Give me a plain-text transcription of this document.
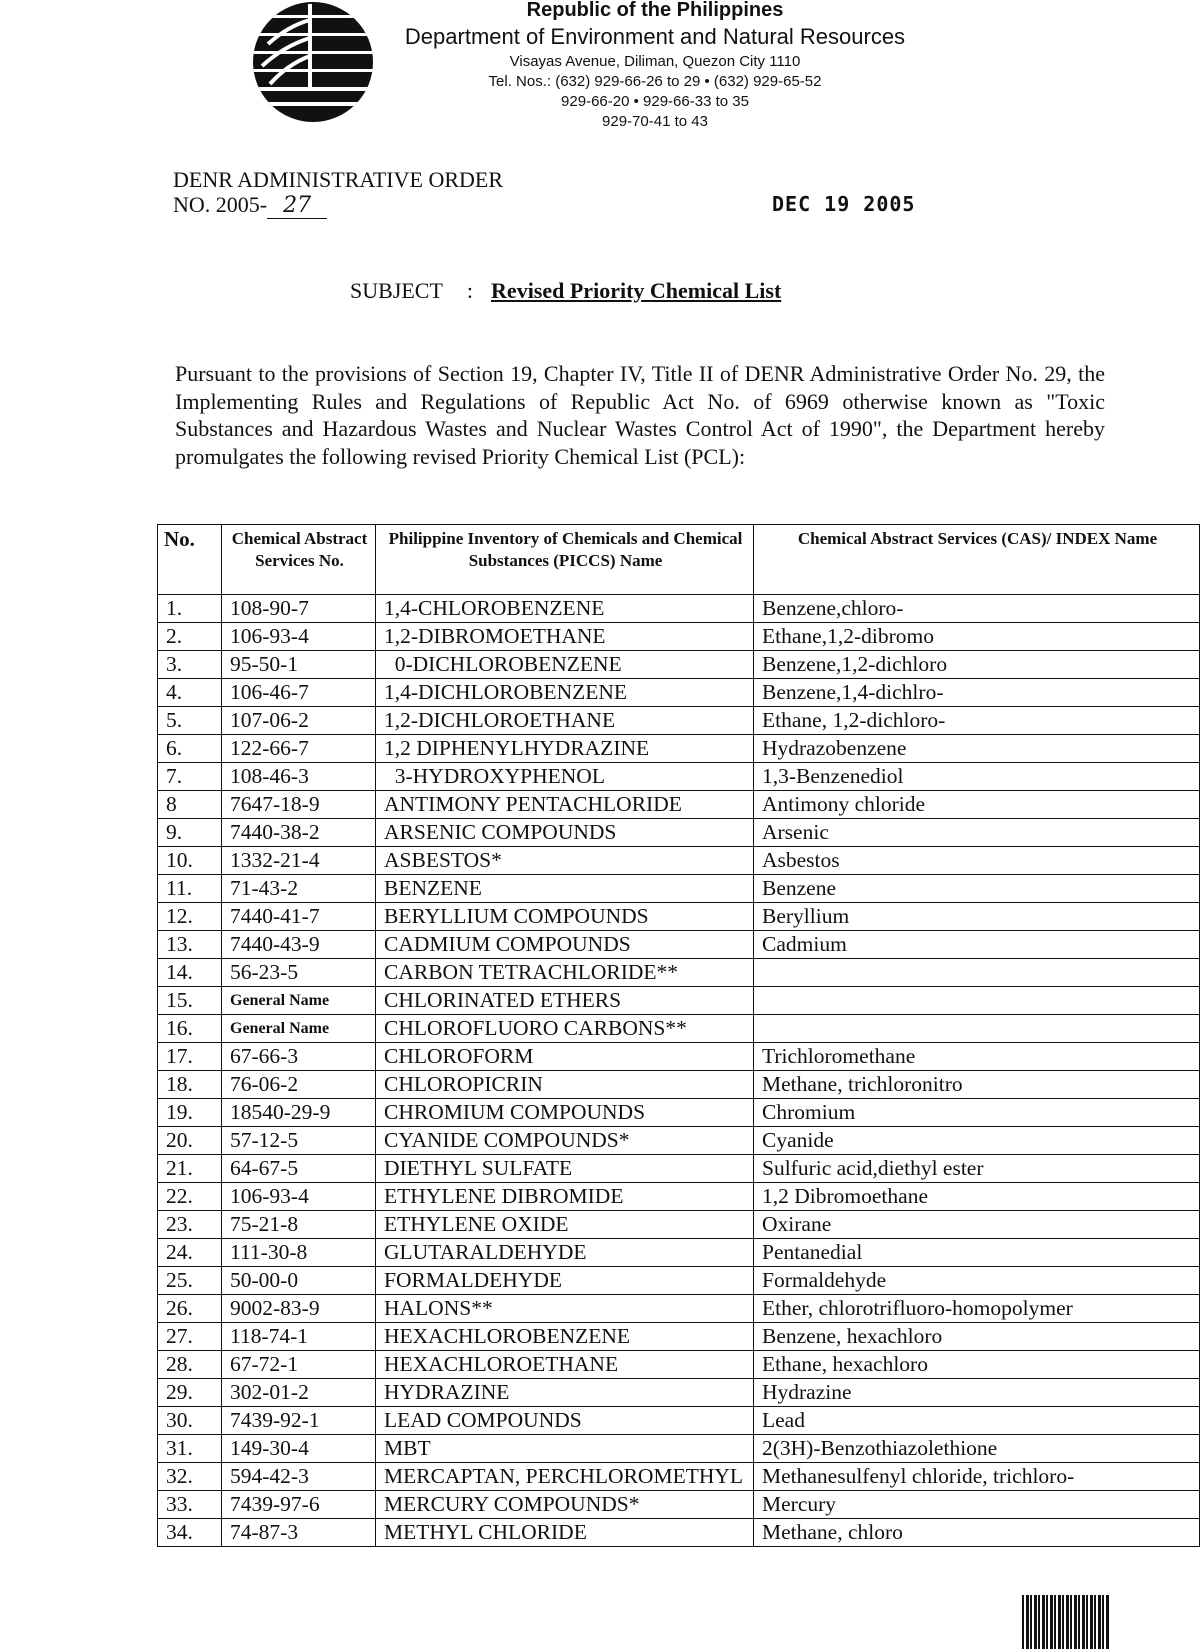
Republic of the Philippines
Department of Environment and Natural Resources
Visayas Avenue, Diliman, Quezon City 1110
Tel. Nos.: (632) 929-66-26 to 29 • (632) 929-65-52
929-66-20 • 929-66-33 to 35
929-70-41 to 43
DENR ADMINISTRATIVE ORDER
NO. 2005- 27	DEC 19 2005
SUBJECT : Revised Priority Chemical List
Pursuant to the provisions of Section 19, Chapter IV, Title II of DENR Administrative Order No. 29, the Implementing Rules and Regulations of Republic Act No. of 6969 otherwise known as "Toxic Substances and Hazardous Wastes and Nuclear Wastes Control Act of 1990", the Department hereby promulgates the following revised Priority Chemical List (PCL):
No.	Chemical Abstract Services No.	Philippine Inventory of Chemicals and Chemical Substances (PICCS) Name	Chemical Abstract Services (CAS)/ INDEX Name
1.	108-90-7	1,4-CHLOROBENZENE	Benzene,chloro-
2.	106-93-4	1,2-DIBROMOETHANE	Ethane,1,2-dibromo
3.	95-50-1	0-DICHLOROBENZENE	Benzene,1,2-dichloro
4.	106-46-7	1,4-DICHLOROBENZENE	Benzene,1,4-dichlro-
5.	107-06-2	1,2-DICHLOROETHANE	Ethane, 1,2-dichloro-
6.	122-66-7	1,2 DIPHENYLHYDRAZINE	Hydrazobenzene
7.	108-46-3	3-HYDROXYPHENOL	1,3-Benzenediol
8	7647-18-9	ANTIMONY PENTACHLORIDE	Antimony chloride
9.	7440-38-2	ARSENIC COMPOUNDS	Arsenic
10.	1332-21-4	ASBESTOS*	Asbestos
11.	71-43-2	BENZENE	Benzene
12.	7440-41-7	BERYLLIUM COMPOUNDS	Beryllium
13.	7440-43-9	CADMIUM COMPOUNDS	Cadmium
14.	56-23-5	CARBON TETRACHLORIDE**	
15.	General Name	CHLORINATED ETHERS	
16.	General Name	CHLOROFLUORO CARBONS**	
17.	67-66-3	CHLOROFORM	Trichloromethane
18.	76-06-2	CHLOROPICRIN	Methane, trichloronitro
19.	18540-29-9	CHROMIUM COMPOUNDS	Chromium
20.	57-12-5	CYANIDE COMPOUNDS*	Cyanide
21.	64-67-5	DIETHYL SULFATE	Sulfuric acid,diethyl ester
22.	106-93-4	ETHYLENE DIBROMIDE	1,2 Dibromoethane
23.	75-21-8	ETHYLENE OXIDE	Oxirane
24.	111-30-8	GLUTARALDEHYDE	Pentanedial
25.	50-00-0	FORMALDEHYDE	Formaldehyde
26.	9002-83-9	HALONS**	Ether, chlorotrifluoro-homopolymer
27.	118-74-1	HEXACHLOROBENZENE	Benzene, hexachloro
28.	67-72-1	HEXACHLOROETHANE	Ethane, hexachloro
29.	302-01-2	HYDRAZINE	Hydrazine
30.	7439-92-1	LEAD COMPOUNDS	Lead
31.	149-30-4	MBT	2(3H)-Benzothiazolethione
32.	594-42-3	MERCAPTAN, PERCHLOROMETHYL	Methanesulfenyl chloride, trichloro-
33.	7439-97-6	MERCURY COMPOUNDS*	Mercury
34.	74-87-3	METHYL CHLORIDE	Methane, chloro
